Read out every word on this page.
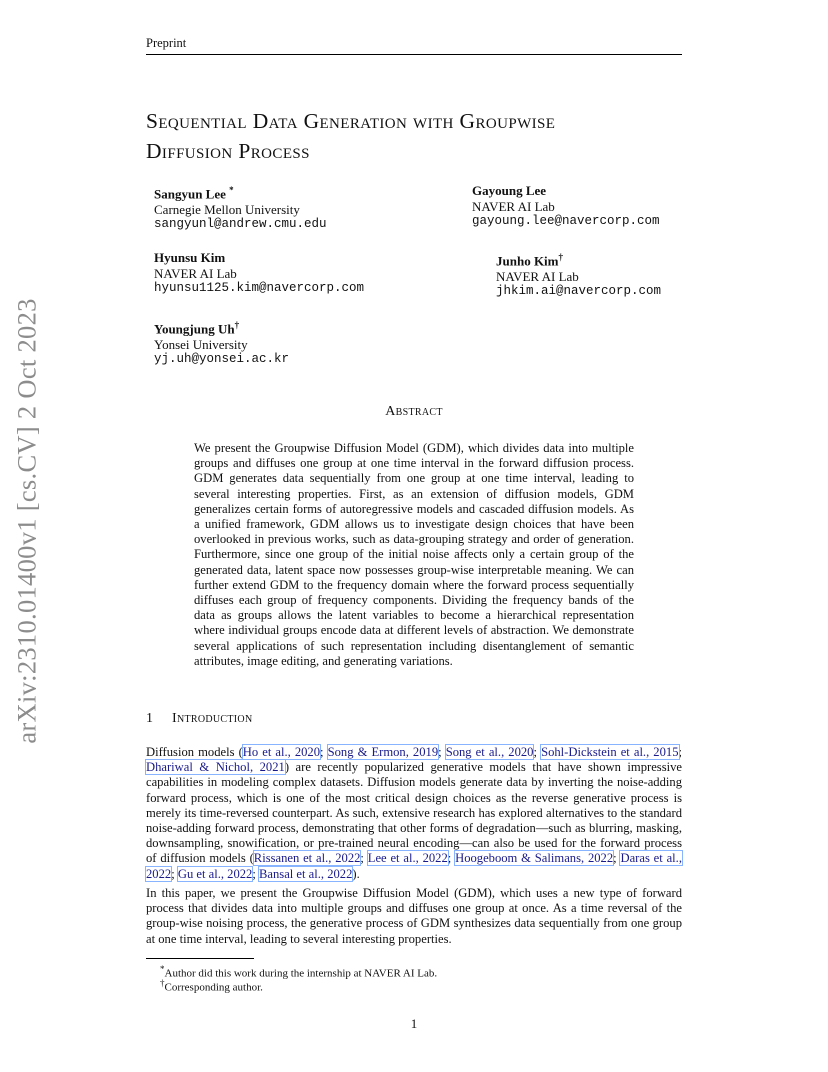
Preprint
Sequential Data Generation with Groupwise
Diffusion Process
arXiv:2310.01400v1 [cs.CV] 2 Oct 2023
Sangyun Lee *
Carnegie Mellon University
sangyunl@andrew.cmu.edu
Gayoung Lee
NAVER AI Lab
gayoung.lee@navercorp.com
Hyunsu Kim
NAVER AI Lab
hyunsu1125.kim@navercorp.com
Junho Kim†
NAVER AI Lab
jhkim.ai@navercorp.com
Youngjung Uh†
Yonsei University
yj.uh@yonsei.ac.kr
Abstract
We present the Groupwise Diffusion Model (GDM), which divides data into multiple groups and diffuses one group at one time interval in the forward diffusion process. GDM generates data sequentially from one group at one time interval, leading to several interesting properties. First, as an extension of diffusion models, GDM generalizes certain forms of autoregressive models and cascaded diffusion models. As a unified framework, GDM allows us to investigate design choices that have been overlooked in previous works, such as data-grouping strategy and order of generation. Furthermore, since one group of the initial noise affects only a certain group of the generated data, latent space now possesses group-wise interpretable meaning. We can further extend GDM to the frequency domain where the forward process sequentially diffuses each group of frequency components. Dividing the frequency bands of the data as groups allows the latent variables to become a hierarchical representation where individual groups encode data at different levels of abstraction. We demonstrate several applications of such representation including disentanglement of semantic attributes, image editing, and generating variations.
1 Introduction
Diffusion models (Ho et al., 2020; Song & Ermon, 2019; Song et al., 2020; Sohl-Dickstein et al., 2015; Dhariwal & Nichol, 2021) are recently popularized generative models that have shown impressive capabilities in modeling complex datasets. Diffusion models generate data by inverting the noise-adding forward process, which is one of the most critical design choices as the reverse generative process is merely its time-reversed counterpart. As such, extensive research has explored alternatives to the standard noise-adding forward process, demonstrating that other forms of degradation—such as blurring, masking, downsampling, snowification, or pre-trained neural encoding—can also be used for the forward process of diffusion models (Rissanen et al., 2022; Lee et al., 2022; Hoogeboom & Salimans, 2022; Daras et al., 2022; Gu et al., 2022; Bansal et al., 2022).
In this paper, we present the Groupwise Diffusion Model (GDM), which uses a new type of forward process that divides data into multiple groups and diffuses one group at once. As a time reversal of the group-wise noising process, the generative process of GDM synthesizes data sequentially from one group at one time interval, leading to several interesting properties.
*Author did this work during the internship at NAVER AI Lab.
†Corresponding author.
1
